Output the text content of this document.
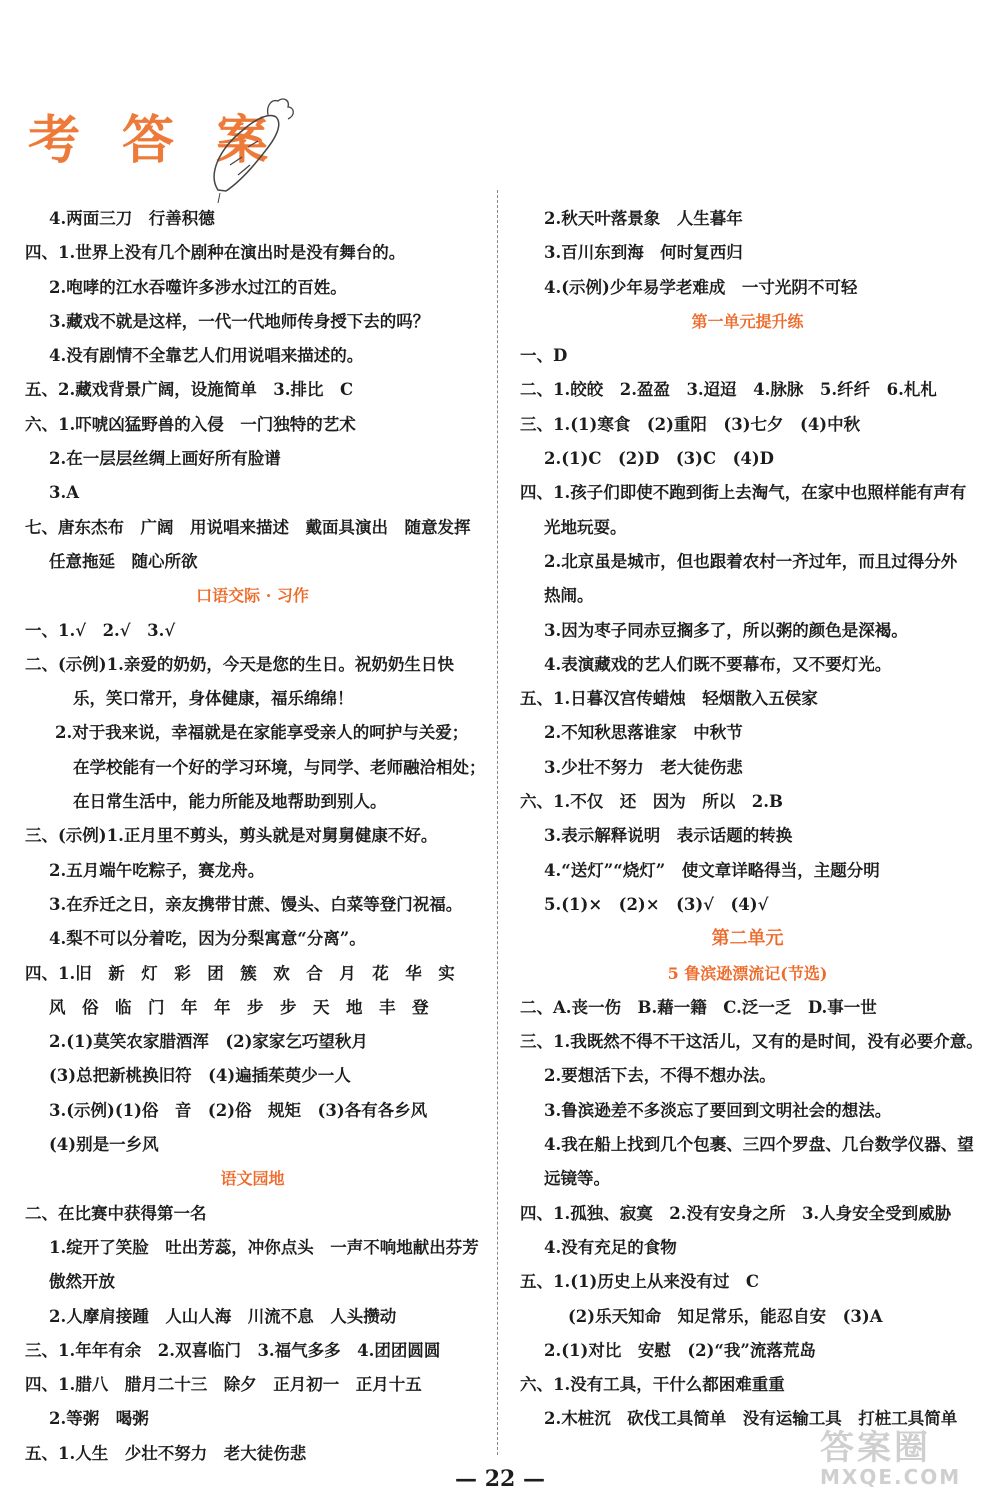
考 答 案
4.两面三刀　行善积德
四、1.世界上没有几个剧种在演出时是没有舞台的。
2.咆哮的江水吞噬许多涉水过江的百姓。
3.藏戏不就是这样，一代一代地师传身授下去的吗？
4.没有剧情不全靠艺人们用说唱来描述的。
五、2.藏戏背景广阔，设施简单　3.排比　C
六、1.吓唬凶猛野兽的入侵　一门独特的艺术
2.在一层层丝绸上画好所有脸谱
3.A
七、唐东杰布　广阔　用说唱来描述　戴面具演出　随意发挥
任意拖延　随心所欲
口语交际 · 习作
一、1.√　2.√　3.√
二、(示例)1.亲爱的奶奶，今天是您的生日。祝奶奶生日快
乐，笑口常开，身体健康，福乐绵绵！
2.对于我来说，幸福就是在家能享受亲人的呵护与关爱；
在学校能有一个好的学习环境，与同学、老师融洽相处；
在日常生活中，能力所能及地帮助到别人。
三、(示例)1.正月里不剪头，剪头就是对舅舅健康不好。
2.五月端午吃粽子，赛龙舟。
3.在乔迁之日，亲友携带甘蔗、馒头、白菜等登门祝福。
4.梨不可以分着吃，因为分梨寓意“分离”。
四、1.旧　新　灯　彩　团　簇　欢　合　月　花　华　实
风　俗　临　门　年　年　步　步　天　地　丰　登
2.(1)莫笑农家腊酒浑　(2)家家乞巧望秋月
(3)总把新桃换旧符　(4)遍插茱萸少一人
3.(示例)(1)俗　音　(2)俗　规矩　(3)各有各乡风
(4)别是一乡风
语文园地
二、在比赛中获得第一名
1.绽开了笑脸　吐出芳蕊，冲你点头　一声不响地献出芬芳
傲然开放
2.人摩肩接踵　人山人海　川流不息　人头攒动
三、1.年年有余　2.双喜临门　3.福气多多　4.团团圆圆
四、1.腊八　腊月二十三　除夕　正月初一　正月十五
2.等粥　喝粥
五、1.人生　少壮不努力　老大徒伤悲
2.秋天叶落景象　人生暮年
3.百川东到海　何时复西归
4.(示例)少年易学老难成　一寸光阴不可轻
第一单元提升练
一、D
二、1.皎皎　2.盈盈　3.迢迢　4.脉脉　5.纤纤　6.札札
三、1.(1)寒食　(2)重阳　(3)七夕　(4)中秋
2.(1)C　(2)D　(3)C　(4)D
四、1.孩子们即使不跑到街上去淘气，在家中也照样能有声有
光地玩耍。
2.北京虽是城市，但也跟着农村一齐过年，而且过得分外
热闹。
3.因为枣子同赤豆搁多了，所以粥的颜色是深褐。
4.表演藏戏的艺人们既不要幕布，又不要灯光。
五、1.日暮汉宫传蜡烛　轻烟散入五侯家
2.不知秋思落谁家　中秋节
3.少壮不努力　老大徒伤悲
六、1.不仅　还　因为　所以　2.B
3.表示解释说明　表示话题的转换
4.“送灯”“烧灯”　使文章详略得当，主题分明
5.(1)×　(2)×　(3)√　(4)√
第二单元
5 鲁滨逊漂流记(节选)
二、A.丧一伤　B.藉一籍　C.泛一乏　D.事一世
三、1.我既然不得不干这活儿，又有的是时间，没有必要介意。
2.要想活下去，不得不想办法。
3.鲁滨逊差不多淡忘了要回到文明社会的想法。
4.我在船上找到几个包裹、三四个罗盘、几台数学仪器、望
远镜等。
四、1.孤独、寂寞　2.没有安身之所　3.人身安全受到威胁
4.没有充足的食物
五、1.(1)历史上从来没有过　C
(2)乐天知命　知足常乐，能忍自安　(3)A
2.(1)对比　安慰　(2)“我”流落荒岛
六、1.没有工具，干什么都困难重重
2.木桩沉　砍伐工具简单　没有运输工具　打桩工具简单
— 22 —
答案圈
MXQE.COM
